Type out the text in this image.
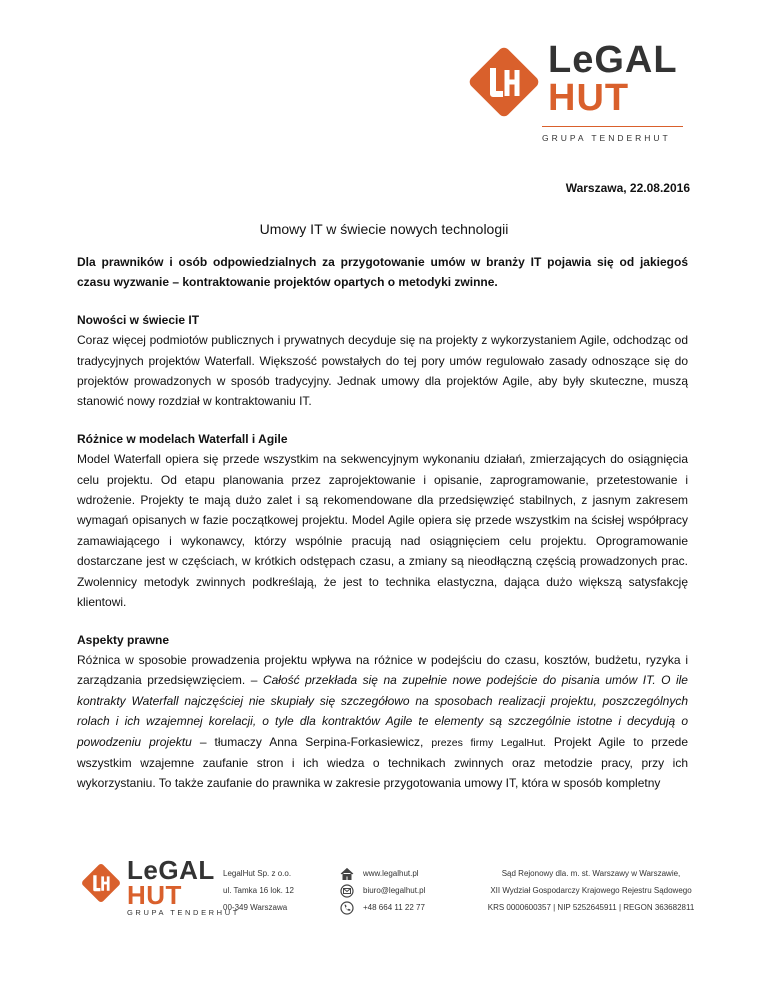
LeGAL
HUT
GRUPA TENDERHUT
Warszawa, 22.08.2016
Umowy IT w świecie nowych technologii

Dla prawników i osób odpowiedzialnych za przygotowanie umów w branży IT pojawia się od jakiegoś czasu wyzwanie – kontraktowanie projektów opartych o metodyki zwinne.

Nowości w świecie IT

Coraz więcej podmiotów publicznych i prywatnych decyduje się na projekty z wykorzystaniem Agile, odchodząc od tradycyjnych projektów Waterfall. Większość powstałych do tej pory umów regulowało zasady odnoszące się do projektów prowadzonych w sposób tradycyjny. Jednak umowy dla projektów Agile, aby były skuteczne, muszą stanowić nowy rozdział w kontraktowaniu IT.

Różnice w modelach Waterfall i Agile

Model Waterfall opiera się przede wszystkim na sekwencyjnym wykonaniu działań, zmierzających do osiągnięcia celu projektu. Od etapu planowania przez zaprojektowanie i opisanie, zaprogramowanie, przetestowanie i wdrożenie. Projekty te mają dużo zalet i są rekomendowane dla przedsięwzięć stabilnych, z jasnym zakresem wymagań opisanych w fazie początkowej projektu. Model Agile opiera się przede wszystkim na ścisłej współpracy zamawiającego i wykonawcy, którzy wspólnie pracują nad osiągnięciem celu projektu. Oprogramowanie dostarczane jest w częściach, w krótkich odstępach czasu, a zmiany są nieodłączną częścią prowadzonych prac. Zwolennicy metodyk zwinnych podkreślają, że jest to technika elastyczna, dająca dużo większą satysfakcję klientowi.

Aspekty prawne

Różnica w sposobie prowadzenia projektu wpływa na różnice w podejściu do czasu, kosztów, budżetu, ryzyka i zarządzania przedsięwzięciem. – Całość przekłada się na zupełnie nowe podejście do pisania umów IT. O ile kontrakty Waterfall najczęściej nie skupiały się szczegółowo na sposobach realizacji projektu, poszczególnych rolach i ich wzajemnej korelacji, o tyle dla kontraktów Agile te elementy są szczególnie istotne i decydują o powodzeniu projektu – tłumaczy Anna Serpina-Forkasiewicz, prezes firmy LegalHut. Projekt Agile to przede wszystkim wzajemne zaufanie stron i ich wiedza o technikach zwinnych oraz metodzie pracy, przy ich wykorzystaniu. To także zaufanie do prawnika w zakresie przygotowania umowy IT, która w sposób kompletny

LeGAL
HUT
GRUPA TENDERHUT
LegalHut Sp. z o.o.
ul. Tamka 16 lok. 12
00-349 Warszawa
www.legalhut.pl
biuro@legalhut.pl
+48 664 11 22 77
Sąd Rejonowy dla. m. st. Warszawy w Warszawie,
XII Wydział Gospodarczy Krajowego Rejestru Sądowego
KRS 0000600357 | NIP 5252645911 | REGON 363682811
